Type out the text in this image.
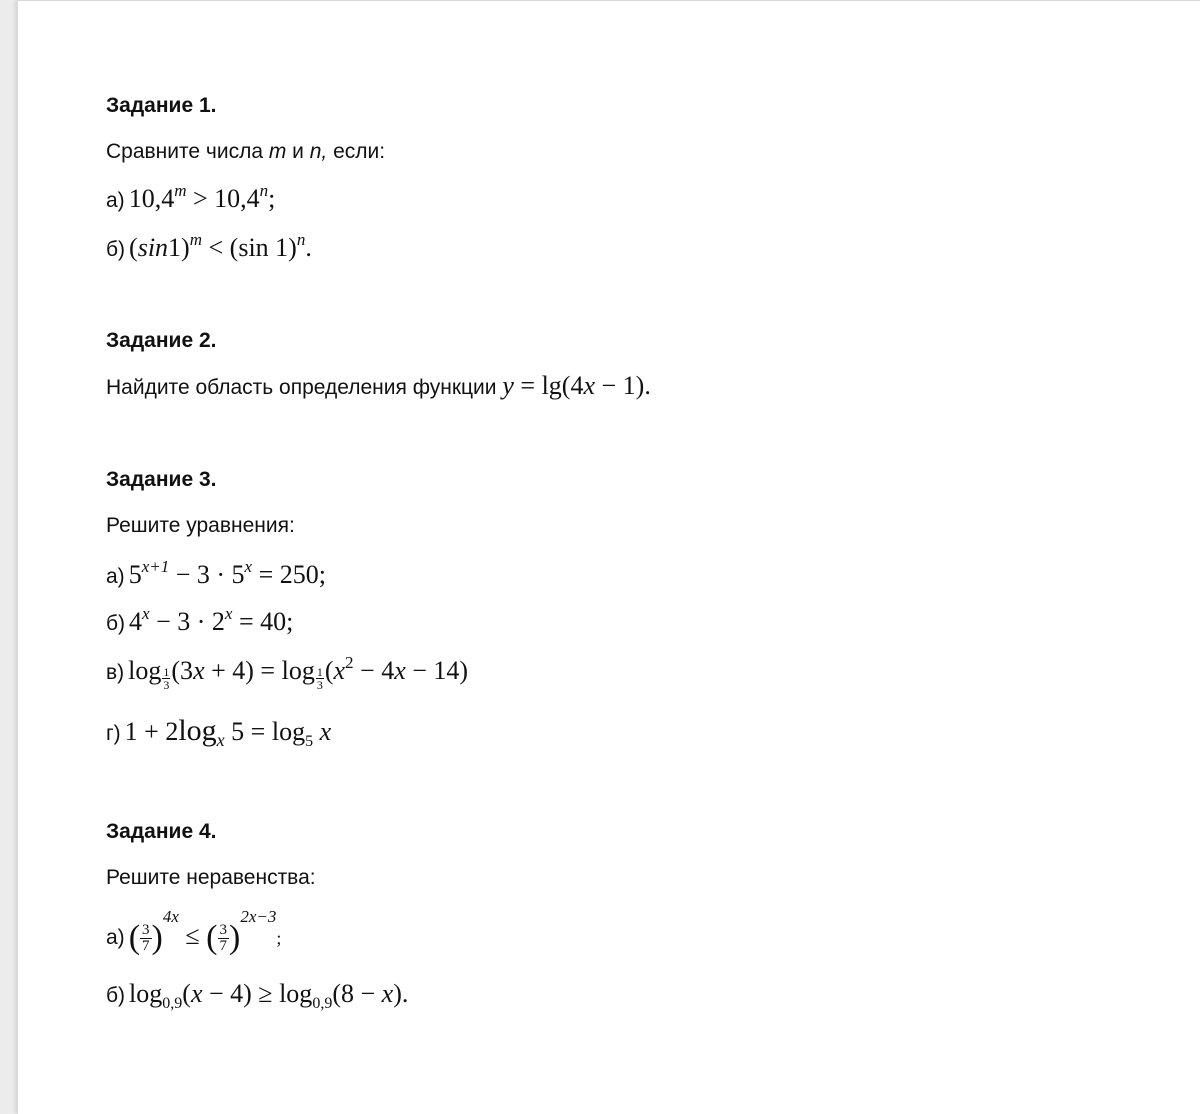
Задание 1.
Сравните числа m и n, если:
а) $10,4^m > 10,4^n$;
б) $(\sin 1)^m < (\sin$ 1)$^n$.
Задание 2.
Найдите область определения функции y = lg(4x − 1).
Задание 3.
Решите уравнения:
а) $5^{x+1} - 3 \cdot 5^x = 250$;
б) $4^x - 3 \cdot 2^x = 40$;
в) $\log \frac{1}{3} (3x + 4) = \log \frac{1}{3} (x^2 - 4x - 14)$
г) $1 + 2\log_x$ $5 = \log_5 x$
Задание 4.
Решите неравенства:
а) ( $\frac{3}{7} )^{4x}$ ≤ ( $\frac{3}{7} )^{2x-3}$;
б) $\log_{0,9}(x - 4) \ge \log_{0,9}(8 - x)$.
